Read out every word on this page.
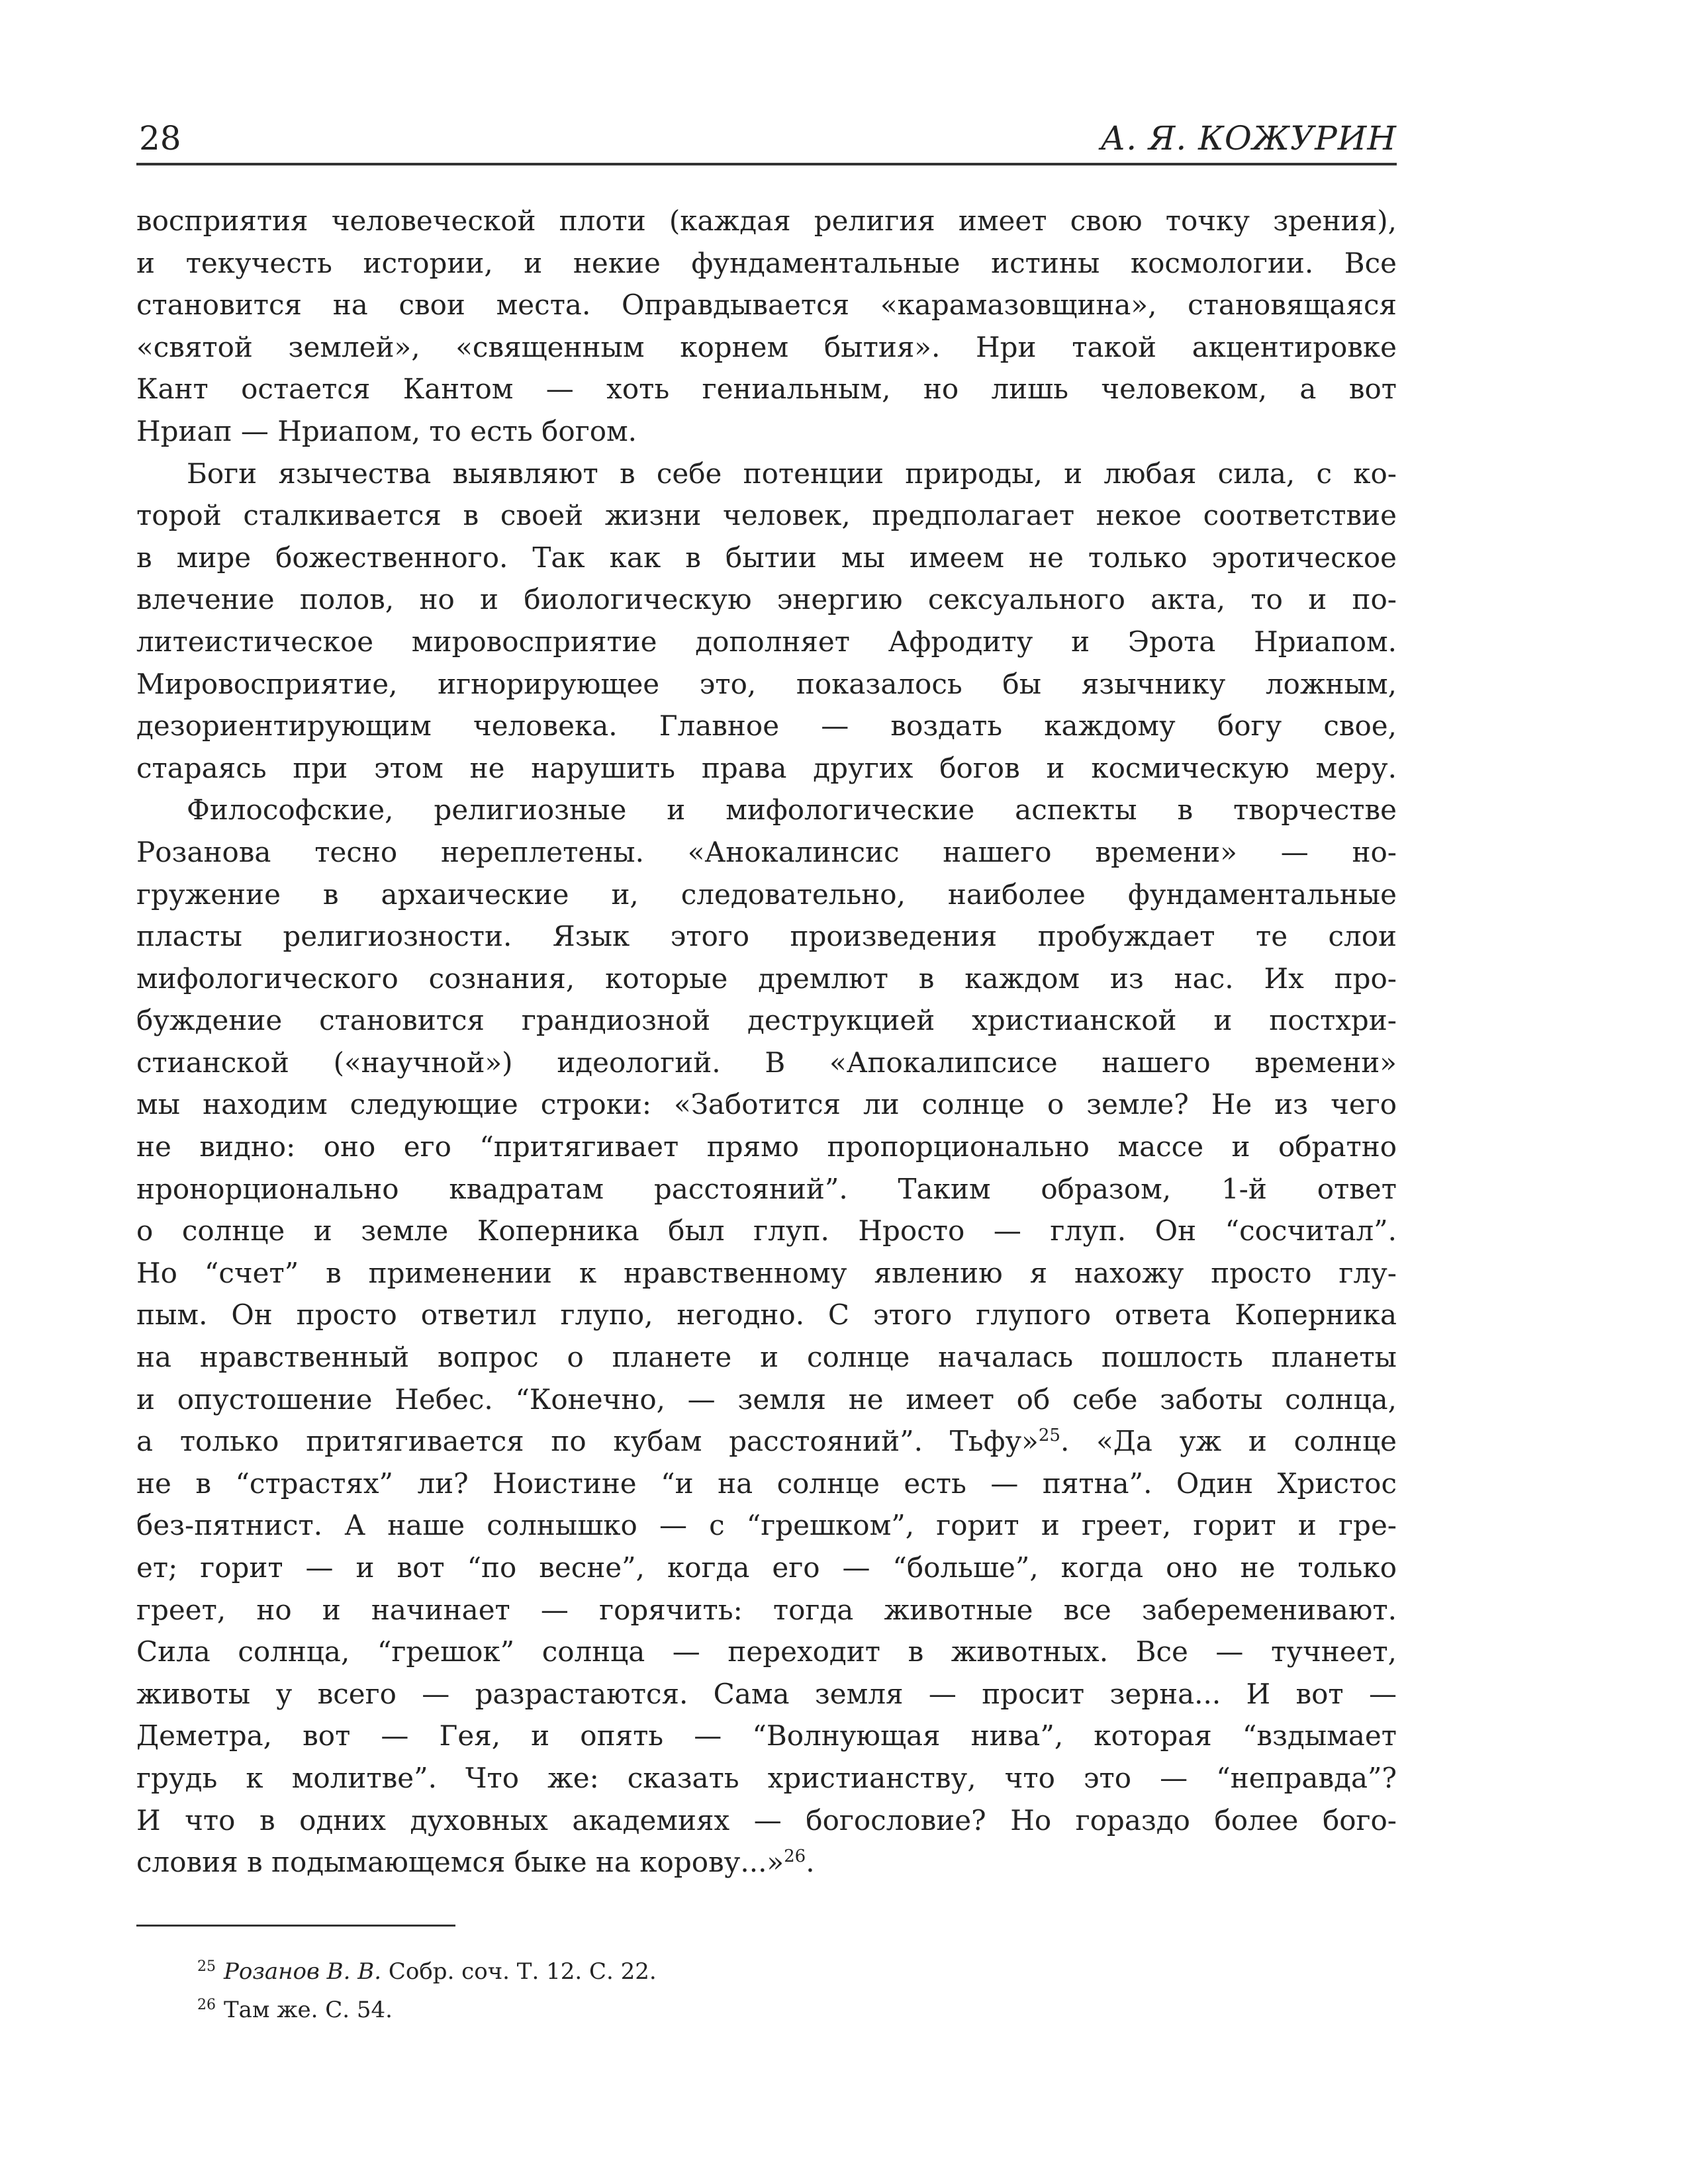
28	А. Я. КОЖУРИН
восприятия человеческой плоти (каждая религия имеет свою точку зрения),
и текучесть истории, и некие фундаментальные истины космологии. Все
становится на свои места. Оправдывается «карамазовщина», становящаяся
«святой землей», «священным корнем бытия». Нри такой акцентировке
Кант остается Кантом — хоть гениальным, но лишь человеком, а вот
Нриап — Нриапом, то есть богом.
Боги язычества выявляют в себе потенции природы, и любая сила, с ко-
торой сталкивается в своей жизни человек, предполагает некое соответствие
в мире божественного. Так как в бытии мы имеем не только эротическое
влечение полов, но и биологическую энергию сексуального акта, то и по-
литеистическое мировосприятие дополняет Афродиту и Эрота Нриапом.
Мировосприятие, игнорирующее это, показалось бы язычнику ложным,
дезориентирующим человека. Главное — воздать каждому богу свое,
стараясь при этом не нарушить права других богов и космическую меру.
Философские, религиозные и мифологические аспекты в творчестве
Розанова тесно нереплетены. «Анокалинсис нашего времени» — но-
гружение в архаические и, следовательно, наиболее фундаментальные
пласты религиозности. Язык этого произведения пробуждает те слои
мифологического сознания, которые дремлют в каждом из нас. Их про-
буждение становится грандиозной деструкцией христианской и постхри-
стианской («научной») идеологий. В «Апокалипсисе нашего времени»
мы находим следующие строки: «Заботится ли солнце о земле? Не из чего
не видно: оно его “притягивает прямо пропорционально массе и обратно
нронорционально квадратам расстояний”. Таким образом, 1-й ответ
о солнце и земле Коперника был глуп. Нросто — глуп. Он “сосчитал”.
Но “счет” в применении к нравственному явлению я нахожу просто глу-
пым. Он просто ответил глупо, негодно. С этого глупого ответа Коперника
на нравственный вопрос о планете и солнце началась пошлость планеты
и опустошение Небес. “Конечно, — земля не имеет об себе заботы солнца,
а только притягивается по кубам расстояний”. Тьфу»$^{25}$. «Да уж и солнце
не в “страстях” ли? Ноистине “и на солнце есть — пятна”. Один Христос
без-пятнист. А наше солнышко — с “грешком”, горит и греет, горит и гре-
ет; горит — и вот “по весне”, когда его — “больше”, когда оно не только
греет, но и начинает — горячить: тогда животные все забеременивают.
Сила солнца, “грешок” солнца — переходит в животных. Все — тучнеет,
животы у всего — разрастаются. Сама земля — просит зерна... И вот —
Деметра, вот — Гея, и опять — “Волнующая нива”, которая “вздымает
грудь к молитве”. Что же: сказать христианству, что это — “неправда”?
И что в одних духовных академиях — богословие? Но гораздо более бого-
словия в подымающемся быке на корову...»$^{26}$.
$^{25}$ Розанов В. В. Собр. соч. Т. 12. С. 22.
$^{26}$ Там же. С. 54.
